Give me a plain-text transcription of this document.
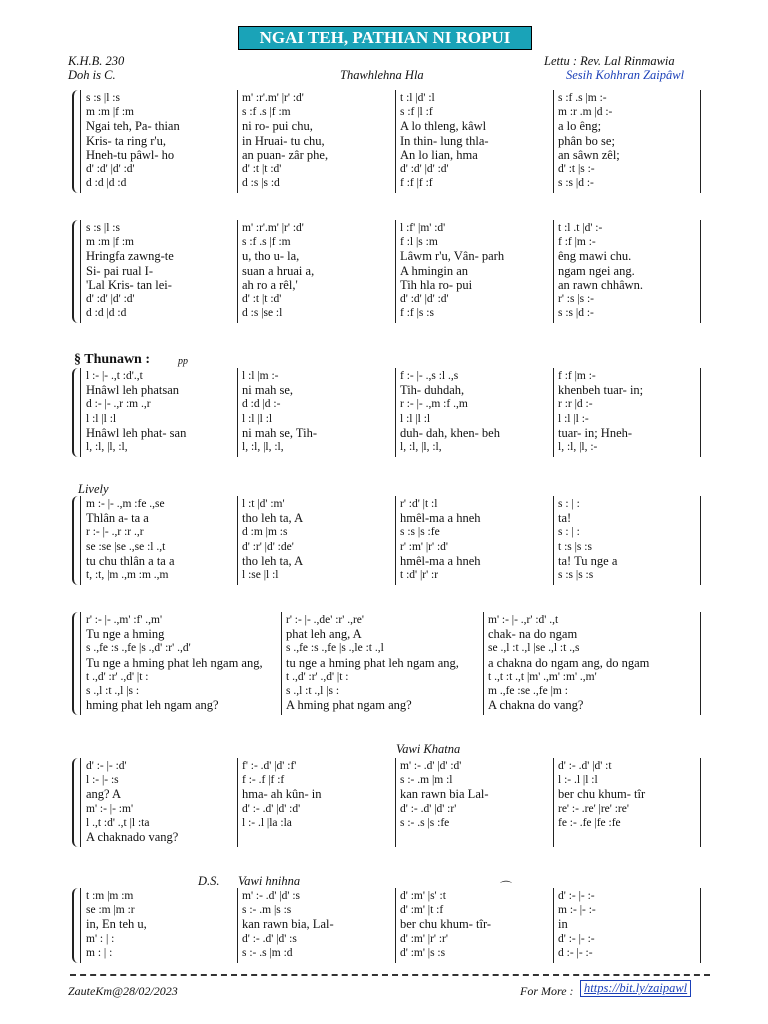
NGAI TEH, PATHIAN NI ROPUI
K.H.B. 230
Doh is C.	Thawhlehna Hla
Lettu : Rev. Lal Rinmawia
Sesih Kohhran Zaipâwl
s :s |l :s	m' :r'.m' |r' :d'	t :l |d' :l	s :f .s |m :-
m :m |f :m	s :f .s |f :m	s :f |l :f	m :r .m |d :-
Ngai teh, Pa- thian	ni ro- pui chu,	A lo thleng, kâwl	a lo êng;
Kris- ta ring r'u,	in Hruai- tu chu,	In thin- lung thla-	phân bo se;
Hneh-tu pâwl- ho	an puan- zâr phe,	An lo lian, hma	an sâwn zêl;
d' :d' |d' :d'	d' :t |t :d'	d' :d' |d' :d'	d' :t |s :-
d :d |d :d	d :s |s :d	f :f |f :f	s :s |d :-
s :s |l :s	m' :r'.m' |r' :d'	l :f' |m' :d'	t :l .t |d' :-
m :m |f :m	s :f .s |f :m	f :l |s :m	f :f |m :-
Hringfa zawng-te	u, tho u- la,	Lâwm r'u, Vân- parh	êng mawi chu.
Si- pai rual I-	suan a hruai a,	A hmingin an	ngam ngei ang.
'Lal Kris- tan lei-	ah ro a rêl,'	Tih hla ro- pui	an rawn chhâwn.
d' :d' |d' :d'	d' :t |t :d'	d' :d' |d' :d'	r' :s |s :-
d :d |d :d	d :s |se :l	f :f |s :s	s :s |d :-
§ Thunawn :	pp
l :- |- .,t :d'.,t	l :l |m :-	f :- |- .,s :l .,s	f :f |m :-
Hnâwl leh phatsan	ni mah se,	Tih- duhdah,	khenbeh tuar- in;
d :- |- .,r :m .,r	d :d |d :-	r :- |- .,m :f .,m	r :r |d :-
l :l |l :l	l :l |l :l	l :l |l :l	l :l |l :-
Hnâwl leh phat- san	ni mah se, Tih-	duh- dah, khen- beh	tuar- in; Hneh-
l, :l, |l, :l,	l, :l, |l, :l,	l, :l, |l, :l,	l, :l, |l, :-
Lively
m :- |- .,m :fe .,se	l :t |d' :m'	r' :d' |t :l	s : | :
Thlân a- ta a	tho leh ta, A	hmêl-ma a hneh	ta!
r :- |- .,r :r .,r	d :m |m :s	s :s |s :fe	s : | :
se :se |se .,se :l .,t	d' :r' |d' :de'	r' :m' |r' :d'	t :s |s :s
tu chu thlân a ta a	tho leh ta, A	hmêl-ma a hneh	ta! Tu nge a
t, :t, |m .,m :m .,m	l :se |l :l	t :d' |r' :r	s :s |s :s
r' :- |- .,m' :f' .,m'	r' :- |- .,de' :r' .,re'	m' :- |- .,r' :d' .,t
Tu nge a hming	phat leh ang, A	chak- na do ngam
s .,fe :s .,fe |s .,d' :r' .,d'	s .,fe :s .,fe |s .,le :t .,l	se .,l :t .,l |se .,l :t .,s
Tu nge a hming phat leh ngam ang, tu nge a hming phat leh ngam ang, a chakna do ngam ang, do ngam
t .,d' :r' .,d' |t :	t .,d' :r' .,d' |t :	t .,t :t .,t |m' .,m' :m' .,m'
s .,l :t .,l |s :	s .,l :t .,l |s :	m .,fe :se .,fe |m :
hming phat leh ngam ang?	A hming phat ngam ang?	A chakna do vang?
Vawi Khatna
d' :- |- :d'	f' :- .d' |d' :f'	m' :- .d' |d' :d'	d' :- .d' |d' :t
l :- |- :s	f :- .f |f :f	s :- .m |m :l	l :- .l |l :l
ang? A	hma- ah kûn- in	kan rawn bia Lal-	ber chu khum- tîr
m' :- |- :m'	d' :- .d' |d' :d'	d' :- .d' |d' :r'	re' :- .re' |re' :re'
l .,t :d' .,t |l :ta	l :- .l |la :la	s :- .s |s :fe	fe :- .fe |fe :fe
A chaknado vang?
D.S. Vawi hnihna	⌒
t :m |m :m	m' :- .d' |d' :s	d' :m' |s' :t	d' :- |- :-
se :m |m :r	s :- .m |s :s	d' :m' |t :f	m :- |- :-
in, En teh u,	kan rawn bia, Lal-	ber chu khum- tîr-	in
m' : | :	d' :- .d' |d' :s	d' :m' |r' :r'	d' :- |- :-
m : | :	s :- .s |m :d	d' :m' |s :s	d :- |- :-
ZauteKm@28/02/2023	For More : https://bit.ly/zaipawl
